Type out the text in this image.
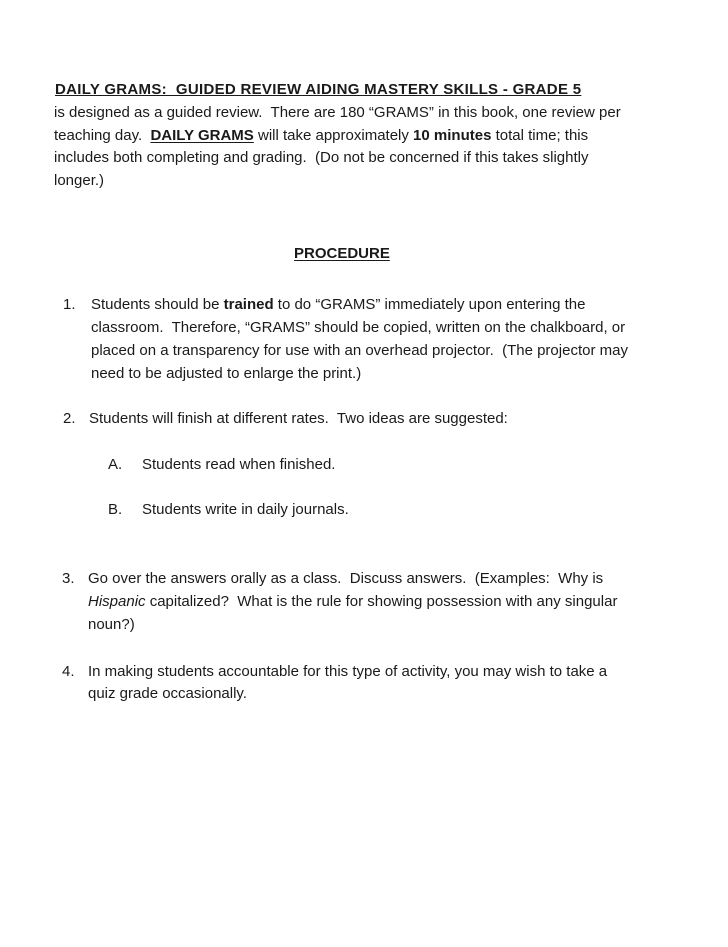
DAILY GRAMS:  GUIDED REVIEW AIDING MASTERY SKILLS - GRADE 5
is designed as a guided review.  There are 180 “GRAMS” in this book, one review per
teaching day.  DAILY GRAMS will take approximately 10 minutes total time; this
includes both completing and grading.  (Do not be concerned if this takes slightly
longer.)
PROCEDURE
1. Students should be trained to do “GRAMS” immediately upon entering the
classroom.  Therefore, “GRAMS” should be copied, written on the chalkboard, or
placed on a transparency for use with an overhead projector.  (The projector may
need to be adjusted to enlarge the print.)
2. Students will finish at different rates.  Two ideas are suggested:
A. Students read when finished.
B. Students write in daily journals.
3. Go over the answers orally as a class.  Discuss answers.  (Examples:  Why is
Hispanic capitalized?  What is the rule for showing possession with any singular
noun?)
4. In making students accountable for this type of activity, you may wish to take a
quiz grade occasionally.
